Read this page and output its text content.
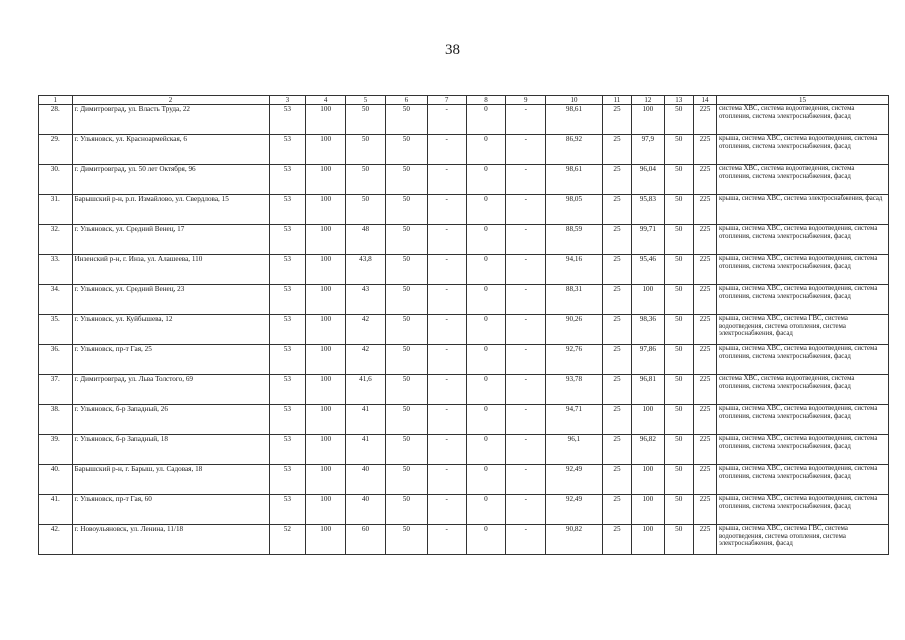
38
1	2	3	4	5	6	7	8	9	10	11	12	13	14	15
28.	г. Димитровград, ул. Власть Труда, 22	53	100	50	50	-	0	-	98,61	25	100	50	225	система ХВС, система водоотведения, система отопления, система электроснабжения, фасад
29.	г. Ульяновск, ул. Красноармейская, 6	53	100	50	50	-	0	-	86,92	25	97,9	50	225	крыша, система ХВС, система водоотведения, система отопления, система электроснабжения, фасад
30.	г. Димитровград, ул. 50 лет Октября, 96	53	100	50	50	-	0	-	98,61	25	96,04	50	225	система ХВС, система водоотведения, система отопления, система электроснабжения, фасад
31.	Барышский р-н, р.п. Измайлово, ул. Свердлова, 15	53	100	50	50	-	0	-	98,05	25	95,83	50	225	крыша, система ХВС, система электроснабжения, фасад
32.	г. Ульяновск, ул. Средний Венец, 17	53	100	48	50	-	0	-	88,59	25	99,71	50	225	крыша, система ХВС, система водоотведения, система отопления, система электроснабжения, фасад
33.	Инзенский р-н, г. Инза, ул. Алашеева, 110	53	100	43,8	50	-	0	-	94,16	25	95,46	50	225	крыша, система ХВС, система водоотведения, система отопления, система электроснабжения, фасад
34.	г. Ульяновск, ул. Средний Венец, 23	53	100	43	50	-	0	-	88,31	25	100	50	225	крыша, система ХВС, система водоотведения, система отопления, система электроснабжения, фасад
35.	г. Ульяновск, ул. Куйбышева, 12	53	100	42	50	-	0	-	90,26	25	98,36	50	225	крыша, система ХВС, система ГВС, система водоотведения, система отопления, система электроснабжения, фасад
36.	г. Ульяновск, пр-т Гая, 25	53	100	42	50	-	0	-	92,76	25	97,86	50	225	крыша, система ХВС, система водоотведения, система отопления, система электроснабжения, фасад
37.	г. Димитровград, ул. Льва Толстого, 69	53	100	41,6	50	-	0	-	93,78	25	96,81	50	225	система ХВС, система водоотведения, система отопления, система электроснабжения, фасад
38.	г. Ульяновск, б-р Западный, 26	53	100	41	50	-	0	-	94,71	25	100	50	225	крыша, система ХВС, система водоотведения, система отопления, система электроснабжения, фасад
39.	г. Ульяновск, б-р Западный, 18	53	100	41	50	-	0	-	96,1	25	96,82	50	225	крыша, система ХВС, система водоотведения, система отопления, система электроснабжения, фасад
40.	Барышский р-н, г. Барыш, ул. Садовая, 18	53	100	40	50	-	0	-	92,49	25	100	50	225	крыша, система ХВС, система водоотведения, система отопления, система электроснабжения, фасад
41.	г. Ульяновск, пр-т Гая, 60	53	100	40	50	-	0	-	92,49	25	100	50	225	крыша, система ХВС, система водоотведения, система отопления, система электроснабжения, фасад
42.	г. Новоульяновск, ул. Ленина, 11/18	52	100	60	50	-	0	-	90,82	25	100	50	225	крыша, система ХВС, система ГВС, система водоотведения, система отопления, система электроснабжения, фасад
